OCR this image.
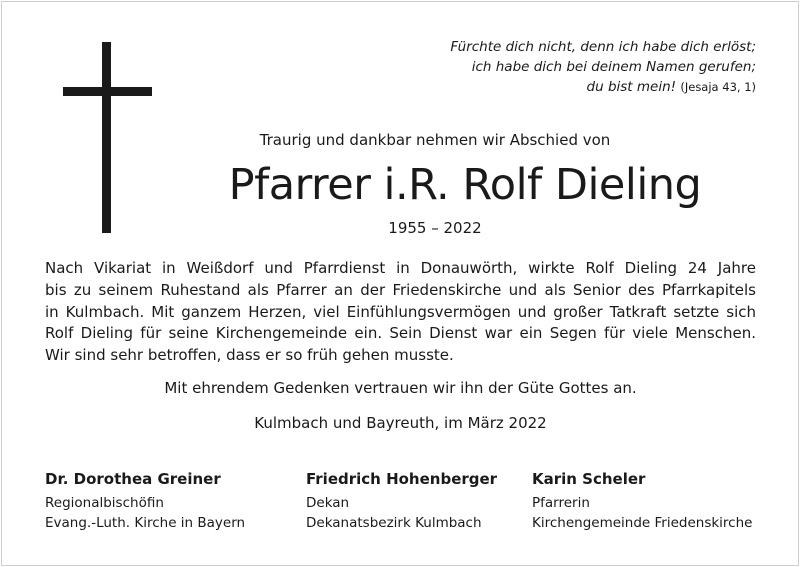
Fürchte dich nicht, denn ich habe dich erlöst;
ich habe dich bei deinem Namen gerufen;
du bist mein! (Jesaja 43, 1)
Traurig und dankbar nehmen wir Abschied von
Pfarrer i.R. Rolf Dieling
1955 – 2022
Nach Vikariat in Weißdorf und Pfarrdienst in Donauwörth, wirkte Rolf Dieling 24 Jahre
bis zu seinem Ruhestand als Pfarrer an der Friedenskirche und als Senior des Pfarrkapitels
in Kulmbach. Mit ganzem Herzen, viel Einfühlungsvermögen und großer Tatkraft setzte sich
Rolf Dieling für seine Kirchengemeinde ein. Sein Dienst war ein Segen für viele Menschen.
Wir sind sehr betroffen, dass er so früh gehen musste.
Mit ehrendem Gedenken vertrauen wir ihn der Güte Gottes an.
Kulmbach und Bayreuth, im März 2022
Dr. Dorothea Greiner
Regionalbischöfin
Evang.-Luth. Kirche in Bayern
Friedrich Hohenberger
Dekan
Dekanatsbezirk Kulmbach
Karin Scheler
Pfarrerin
Kirchengemeinde Friedenskirche
